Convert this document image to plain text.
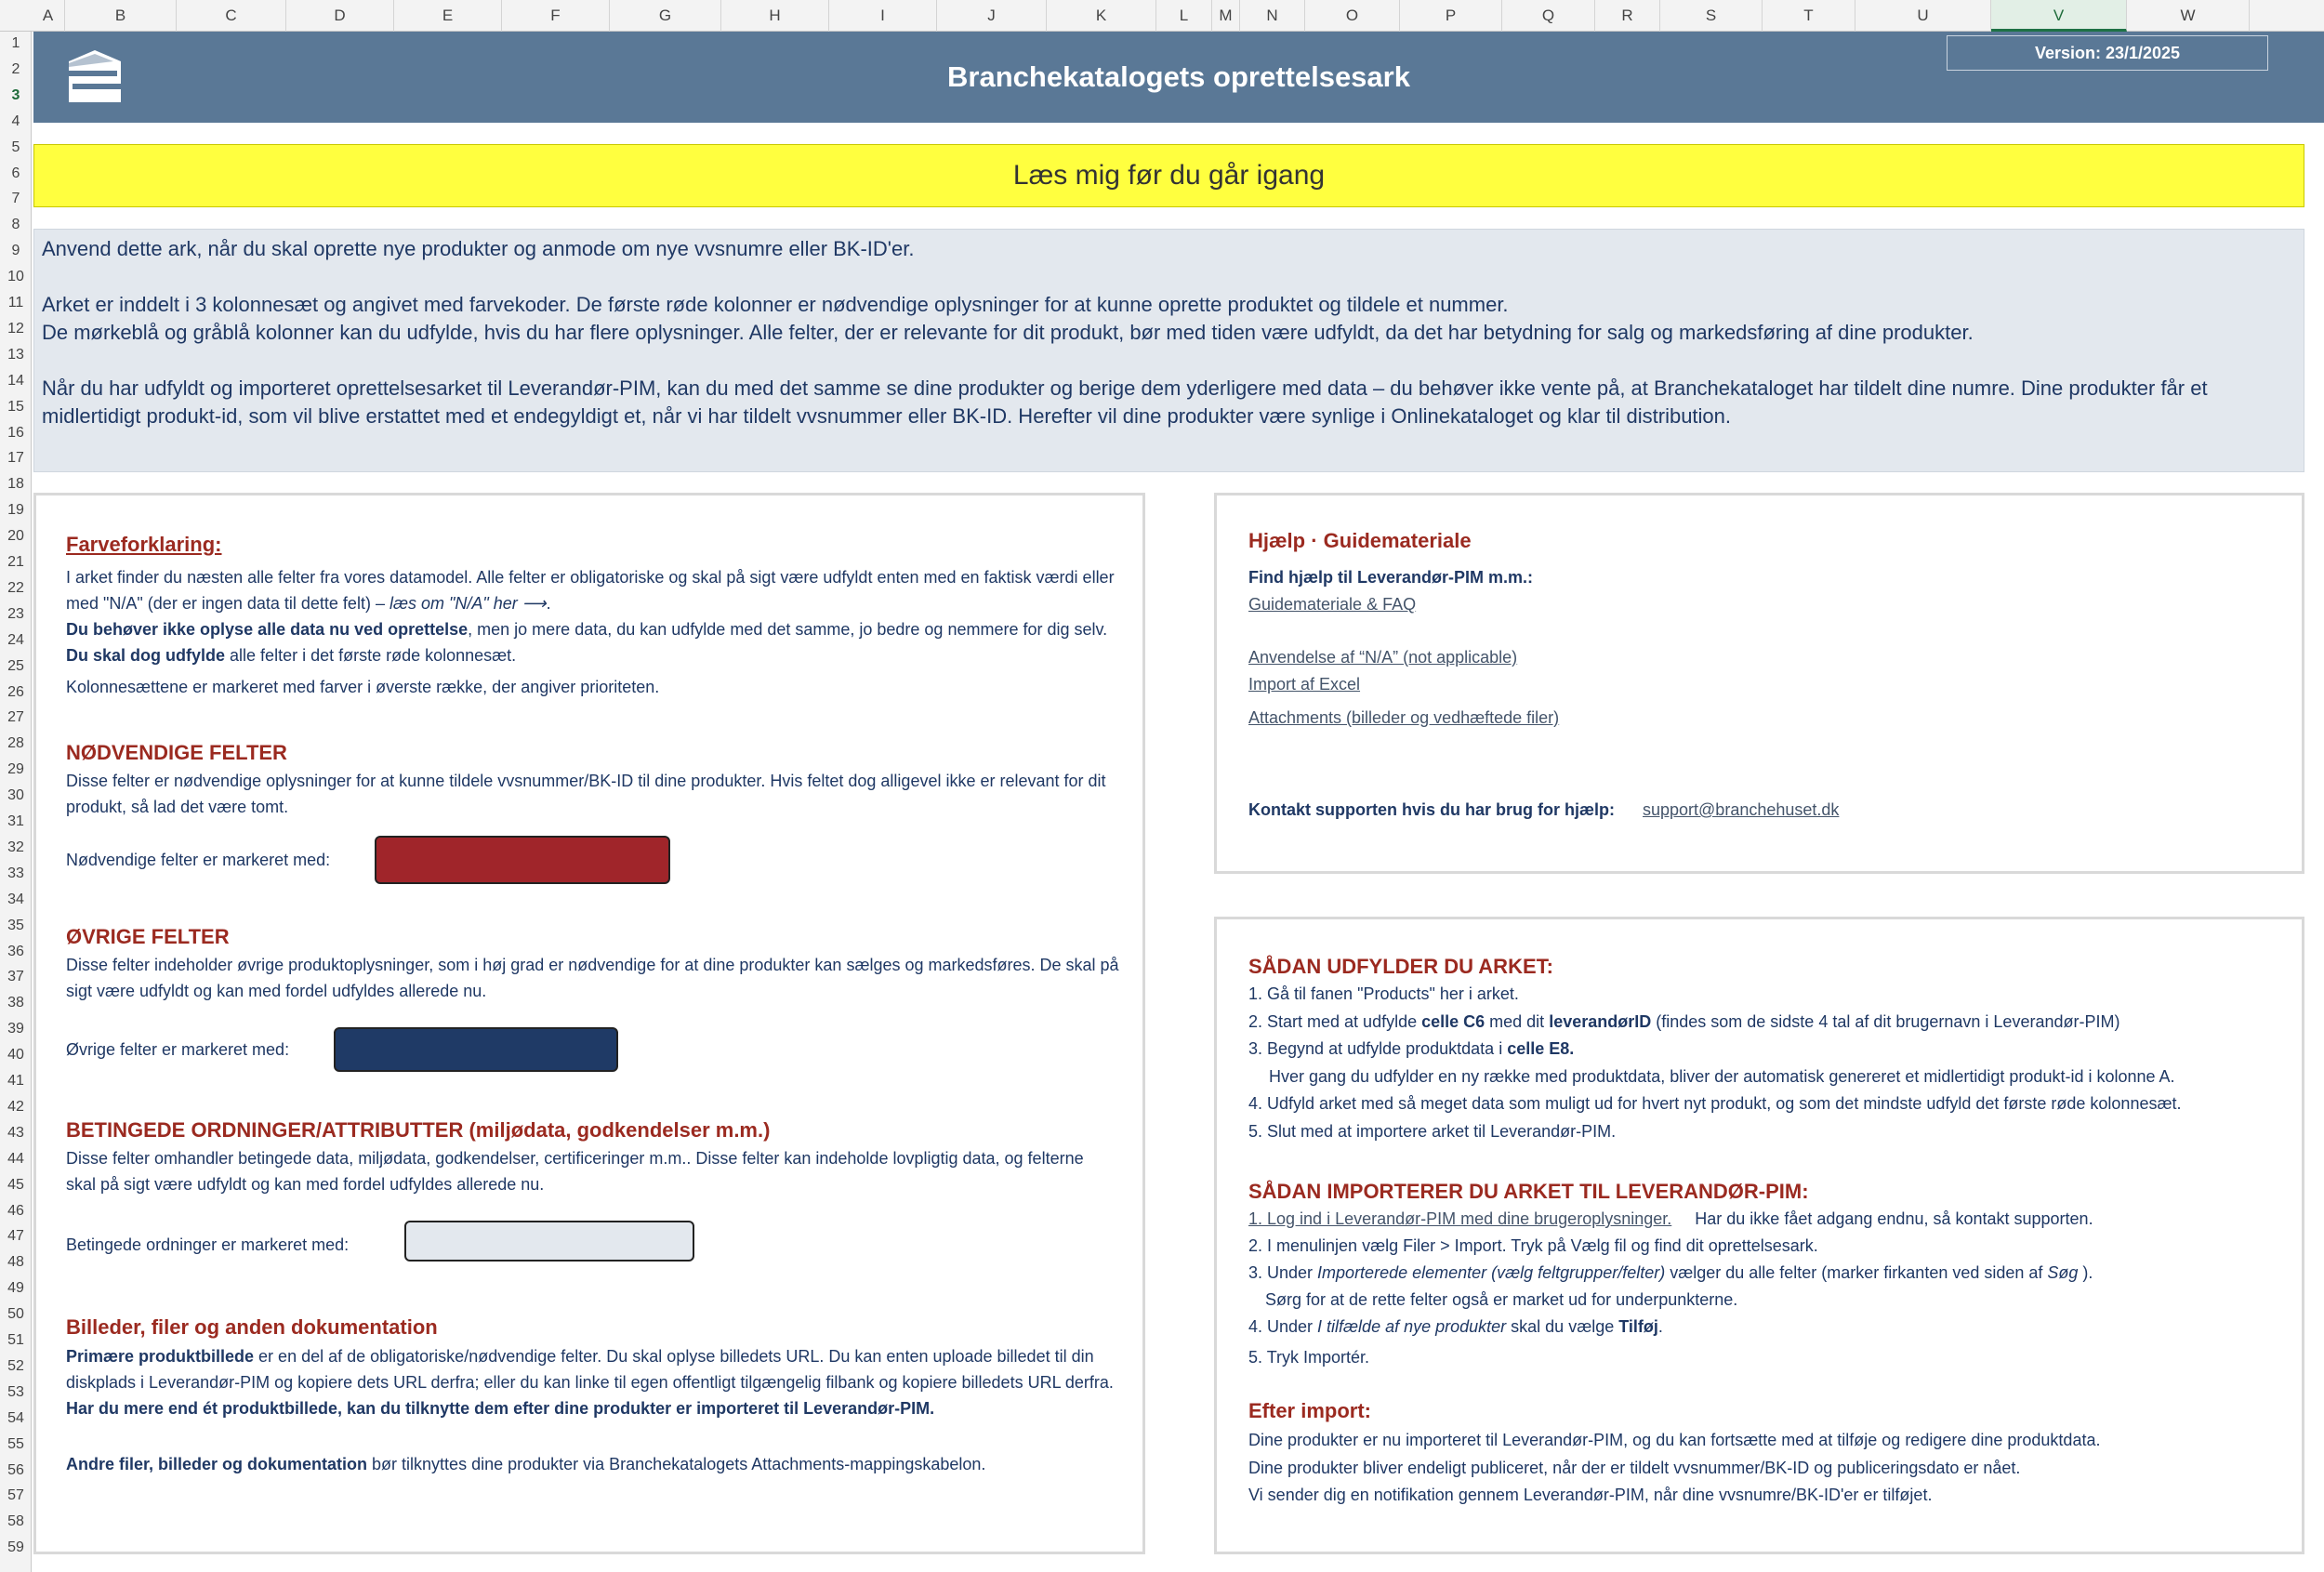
A	B	C	D	E	F	G	H	I	J	K	L	M	N	O	P	Q	R	S	T	U	V	W
1
2
3
4
5
6
7
8
9
10
11
12
13
14
15
16
17
18
19
20
21
22
23
24
25
26
27
28
29
30
31
32
33
34
35
36
37
38
39
40
41
42
43
44
45
46
47
48
49
50
51
52
53
54
55
56
57
58
59
Branchekatalogets oprettelsesark
Version: 23/1/2025
Læs mig før du går igang

Anvend dette ark, når du skal oprette nye produkter og anmode om nye vvsnumre eller BK-ID'er.

Arket er inddelt i 3 kolonnesæt og angivet med farvekoder. De første røde kolonner er nødvendige oplysninger for at kunne oprette produktet og tildele et nummer.

De mørkeblå og gråblå kolonner kan du udfylde, hvis du har flere oplysninger. Alle felter, der er relevante for dit produkt, bør med tiden være udfyldt, da det har betydning for salg og markedsføring af dine produkter.

Når du har udfyldt og importeret oprettelsesarket til Leverandør-PIM, kan du med det samme se dine produkter og berige dem yderligere med data – du behøver ikke vente på, at Branchekataloget har tildelt dine numre. Dine produkter får et midlertidigt produkt-id, som vil blive erstattet med et endegyldigt et, når vi har tildelt vvsnummer eller BK-ID. Herefter vil dine produkter være synlige i Onlinekataloget og klar til distribution.

Farveforklaring:
I arket finder du næsten alle felter fra vores datamodel. Alle felter er obligatoriske og skal på sigt være udfyldt enten med en faktisk værdi eller
med "N/A" (der er ingen data til dette felt) – læs om "N/A" her ⟶.
Du behøver ikke oplyse alle data nu ved oprettelse, men jo mere data, du kan udfylde med det samme, jo bedre og nemmere for dig selv.
Du skal dog udfylde alle felter i det første røde kolonnesæt.
Kolonnesættene er markeret med farver i øverste række, der angiver prioriteten.
NØDVENDIGE FELTER
Disse felter er nødvendige oplysninger for at kunne tildele vvsnummer/BK-ID til dine produkter. Hvis feltet dog alligevel ikke er relevant for dit
produkt, så lad det være tomt.
Nødvendige felter er markeret med:
ØVRIGE FELTER
Disse felter indeholder øvrige produktoplysninger, som i høj grad er nødvendige for at dine produkter kan sælges og markedsføres. De skal på
sigt være udfyldt og kan med fordel udfyldes allerede nu.
Øvrige felter er markeret med:
BETINGEDE ORDNINGER/ATTRIBUTTER (miljødata, godkendelser m.m.)
Disse felter omhandler betingede data, miljødata, godkendelser, certificeringer m.m.. Disse felter kan indeholde lovpligtig data, og felterne
skal på sigt være udfyldt og kan med fordel udfyldes allerede nu.
Betingede ordninger er markeret med:
Billeder, filer og anden dokumentation
Primære produktbillede er en del af de obligatoriske/nødvendige felter. Du skal oplyse billedets URL. Du kan enten uploade billedet til din
diskplads i Leverandør-PIM og kopiere dets URL derfra; eller du kan linke til egen offentligt tilgængelig filbank og kopiere billedets URL derfra.
Har du mere end ét produktbillede, kan du tilknytte dem efter dine produkter er importeret til Leverandør-PIM.
Andre filer, billeder og dokumentation bør tilknyttes dine produkter via Branchekatalogets Attachments-mappingskabelon.
Hjælp · Guidemateriale
Find hjælp til Leverandør-PIM m.m.:
Guidemateriale & FAQ
Anvendelse af “N/A” (not applicable)
Import af Excel
Attachments (billeder og vedhæftede filer)
Kontakt supporten hvis du har brug for hjælp: support@branchehuset.dk
SÅDAN UDFYLDER DU ARKET:
1. Gå til fanen "Products" her i arket.
2. Start med at udfylde celle C6 med dit leverandørID (findes som de sidste 4 tal af dit brugernavn i Leverandør-PIM)
3. Begynd at udfylde produktdata i celle E8.
Hver gang du udfylder en ny række med produktdata, bliver der automatisk genereret et midlertidigt produkt-id i kolonne A.
4. Udfyld arket med så meget data som muligt ud for hvert nyt produkt, og som det mindste udfyld det første røde kolonnesæt.
5. Slut med at importere arket til Leverandør-PIM.
SÅDAN IMPORTERER DU ARKET TIL LEVERANDØR-PIM:
1. Log ind i Leverandør-PIM med dine brugeroplysninger. Har du ikke fået adgang endnu, så kontakt supporten.
2. I menulinjen vælg Filer > Import. Tryk på Vælg fil og find dit oprettelsesark.
3. Under Importerede elementer (vælg feltgrupper/felter) vælger du alle felter (marker firkanten ved siden af Søg ).
Sørg for at de rette felter også er market ud for underpunkterne.
4. Under I tilfælde af nye produkter skal du vælge Tilføj.
5. Tryk Importér.
Efter import:
Dine produkter er nu importeret til Leverandør-PIM, og du kan fortsætte med at tilføje og redigere dine produktdata.
Dine produkter bliver endeligt publiceret, når der er tildelt vvsnummer/BK-ID og publiceringsdato er nået.
Vi sender dig en notifikation gennem Leverandør-PIM, når dine vvsnumre/BK-ID'er er tilføjet.
